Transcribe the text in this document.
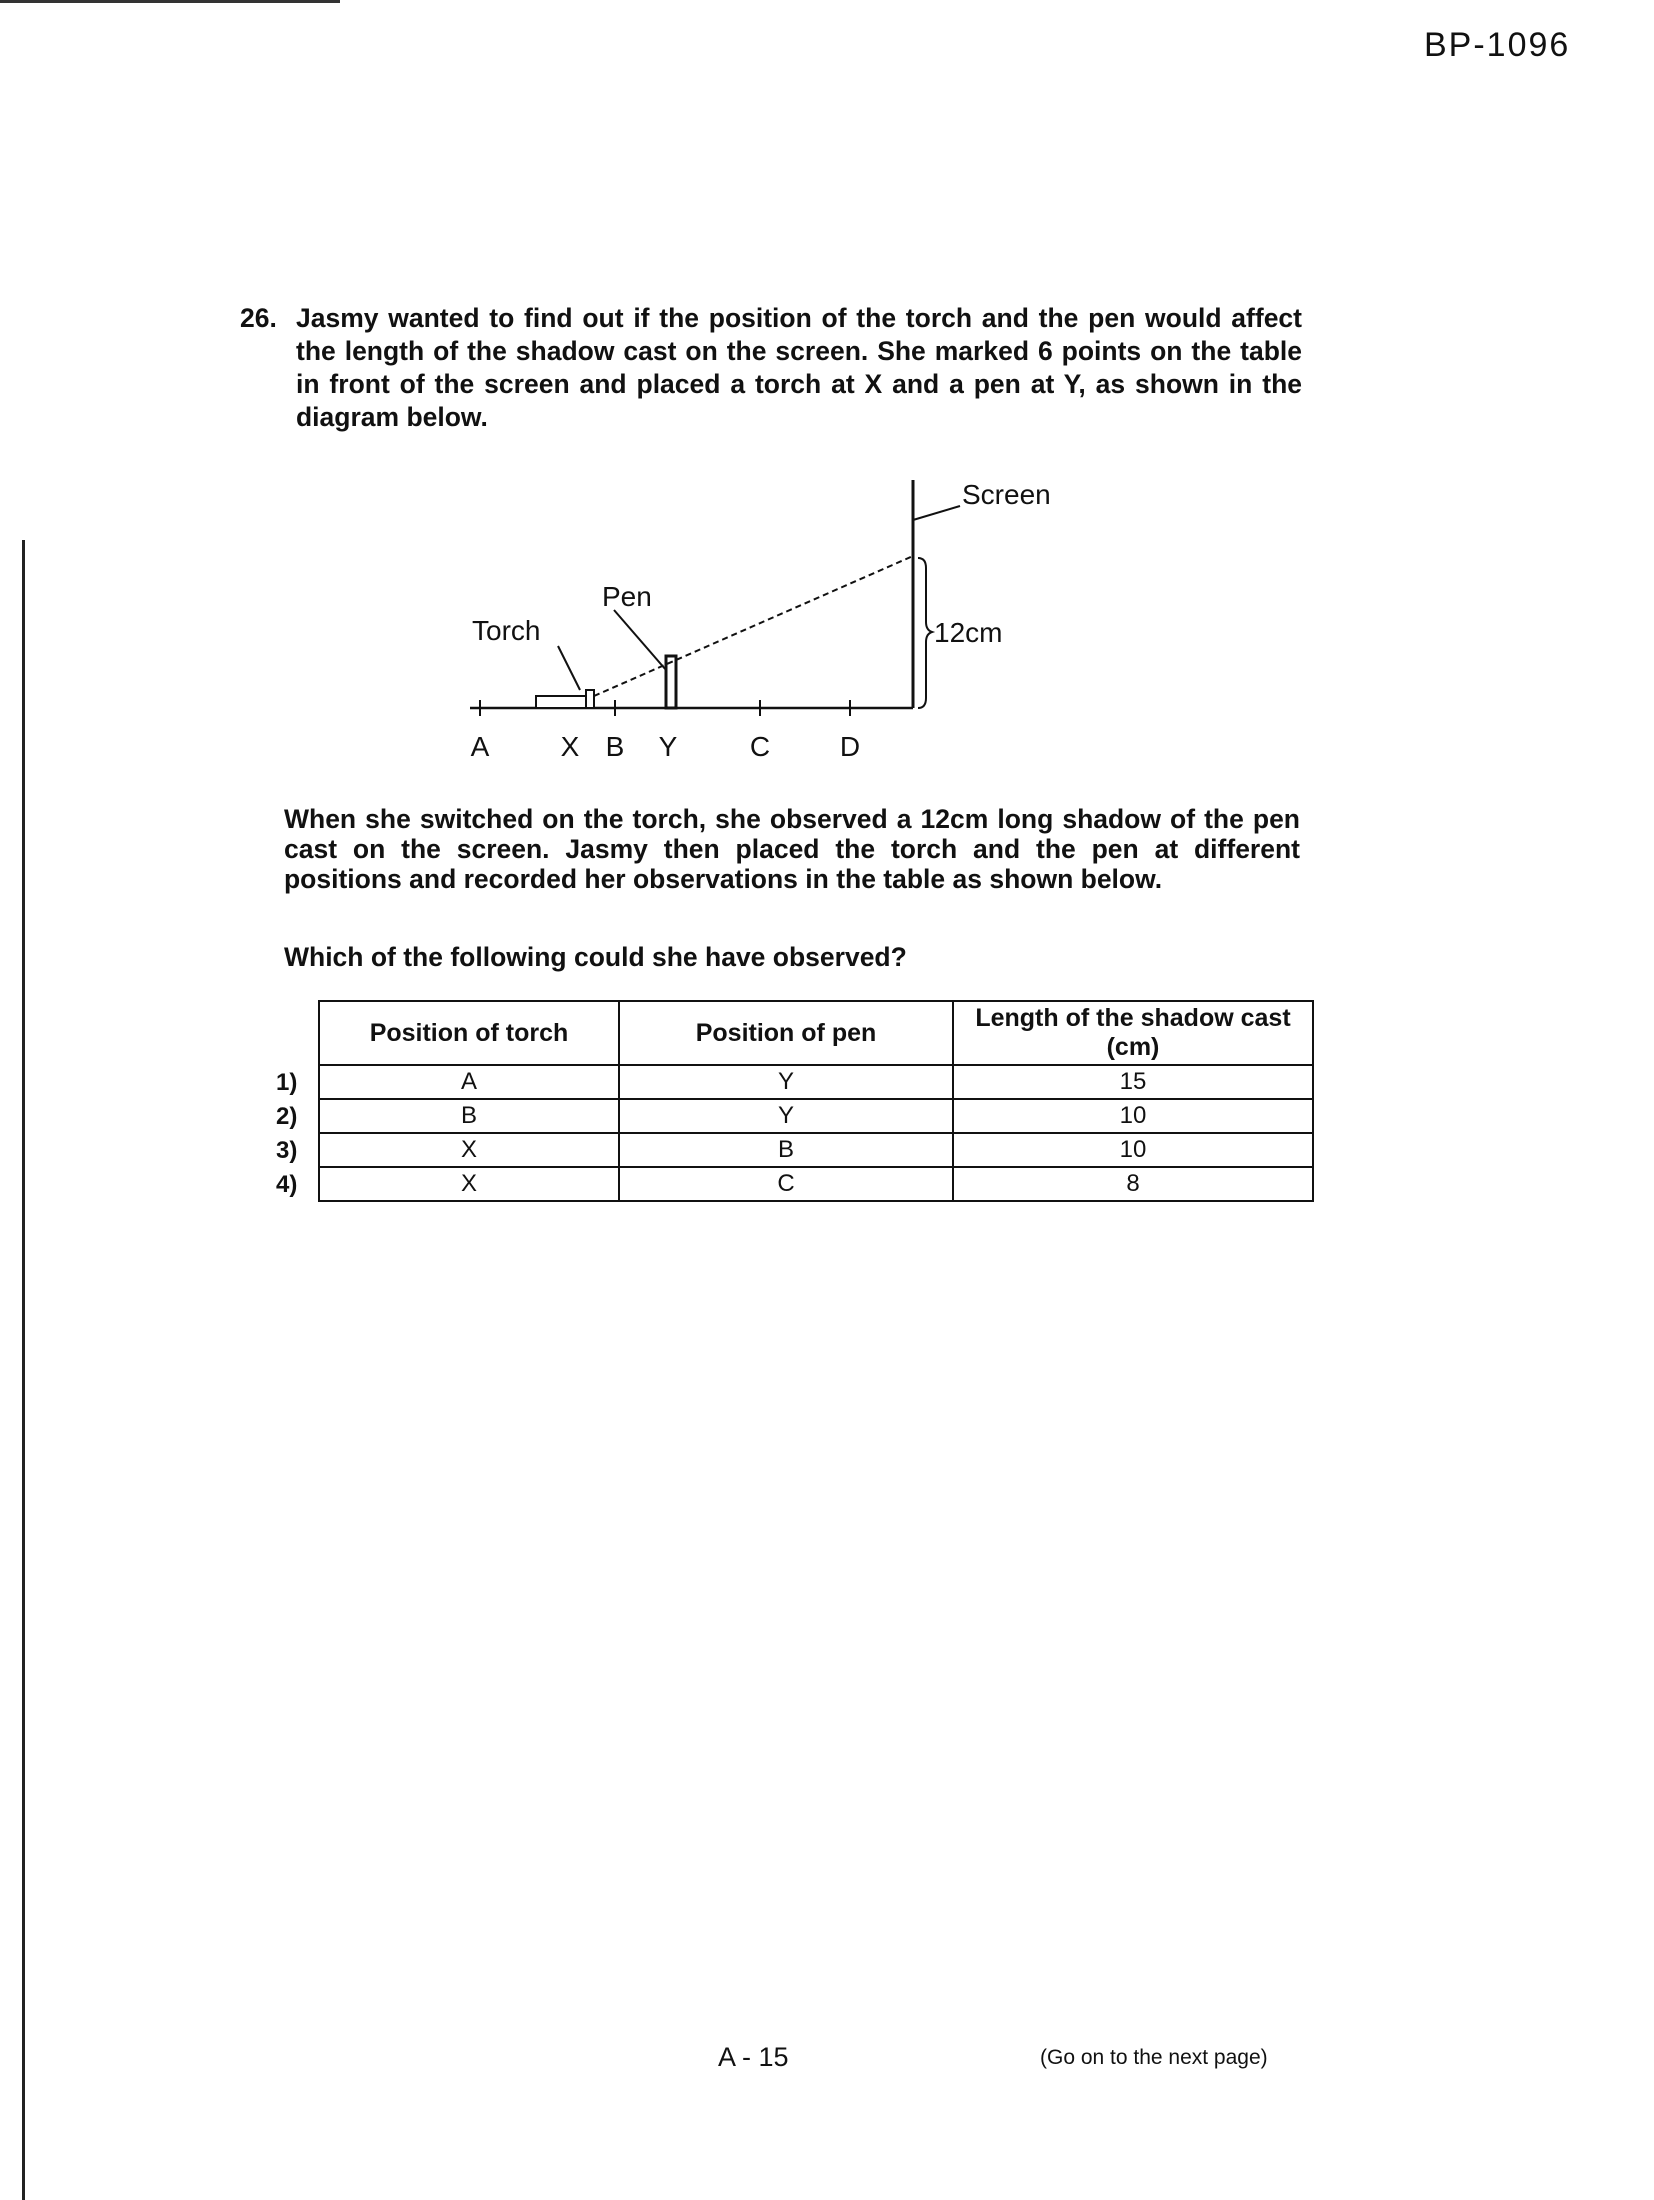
BP-1096
26. Jasmy wanted to find out if the position of the torch and the pen would affect the length of the shadow cast on the screen. She marked 6 points on the table in front of the screen and placed a torch at X and a pen at Y, as shown in the diagram below.
Screen
Torch
Pen
12cm
A	X B Y	C D
When she switched on the torch, she observed a 12cm long shadow of the pen cast on the screen. Jasmy then placed the torch and the pen at different positions and recorded her observations in the table as shown below.
Which of the following could she have observed?
1)
2)
3)
4)
Position of torch	Position of pen	Length of the shadow cast (cm)
A	Y	15
B	Y	10
X	B	10
X	C	8
A - 15	(Go on to the next page)
